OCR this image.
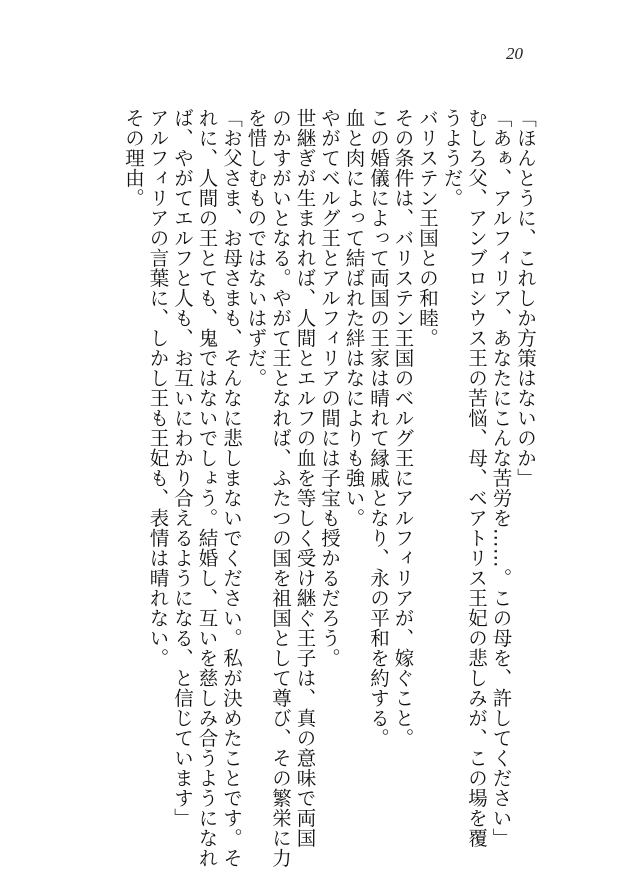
20
「ほんとうに、これしか方策はないのか」
「あぁ、アルフィリア、あなたにこんな苦労を……。この母を、許してください」
むしろ父、アンブロシウス王の苦悩、母、ベアトリス王妃の悲しみが、この場を覆
うようだ。
バリステン王国との和睦。
その条件は、バリステン王国のベルグ王にアルフィリアが、嫁ぐこと。
この婚儀によって両国の王家は晴れて縁戚となり、永の平和を約する。
血と肉によって結ばれた絆はなによりも強い。
やがてベルグ王とアルフィリアの間には子宝も授かるだろう。
世継ぎが生まれれば、人間とエルフの血を等しく受け継ぐ王子は、真の意味で両国
のかすがいとなる。やがて王となれば、ふたつの国を祖国として尊び、その繁栄に力
を惜しむものではないはずだ。
「お父さま、お母さまも、そんなに悲しまないでください。私が決めたことです。そ
れに、人間の王とても、鬼ではないでしょう。結婚し、互いを慈しみ合うようになれ
ば、やがてエルフと人も、お互いにわかり合えるようになる、と信じています」
アルフィリアの言葉に、しかし王も王妃も、表情は晴れない。
その理由。
